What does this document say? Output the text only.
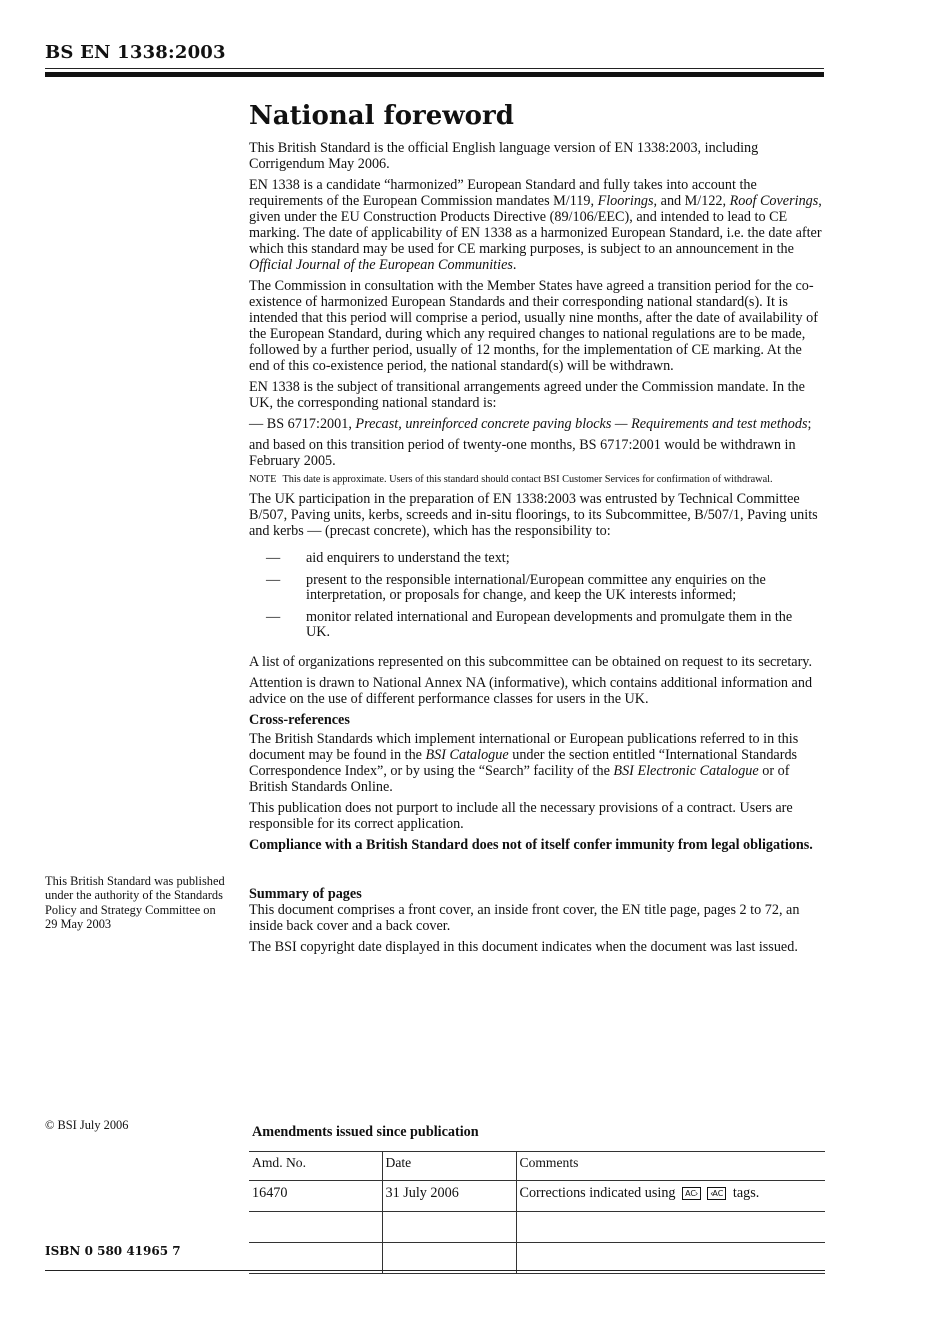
BS EN 1338:2003
National foreword

This British Standard is the official English language version of EN 1338:2003, including Corrigendum May 2006.

EN 1338 is a candidate “harmonized” European Standard and fully takes into account the requirements of the European Commission mandates M/119, Floorings, and M/122, Roof Coverings, given under the EU Construction Products Directive (89/106/EEC), and intended to lead to CE marking. The date of applicability of EN 1338 as a harmonized European Standard, i.e. the date after which this standard may be used for CE marking purposes, is subject to an announcement in the Official Journal of the European Communities.

The Commission in consultation with the Member States have agreed a transition period for the co-existence of harmonized European Standards and their corresponding national standard(s). It is intended that this period will comprise a period, usually nine months, after the date of availability of the European Standard, during which any required changes to national regulations are to be made, followed by a further period, usually of 12 months, for the implementation of CE marking. At the end of this co-existence period, the national standard(s) will be withdrawn.

EN 1338 is the subject of transitional arrangements agreed under the Commission mandate. In the UK, the corresponding national standard is:

— BS 6717:2001, Precast, unreinforced concrete paving blocks — Requirements and test methods;

and based on this transition period of twenty-one months, BS 6717:2001 would be withdrawn in February 2005.

NOTE This date is approximate. Users of this standard should contact BSI Customer Services for confirmation of withdrawal.

The UK participation in the preparation of EN 1338:2003 was entrusted by Technical Committee B/507, Paving units, kerbs, screeds and in-situ floorings, to its Subcommittee, B/507/1, Paving units and kerbs — (precast concrete), which has the responsibility to:

—	aid enquirers to understand the text;
—	present to the responsible international/European committee any enquiries on the interpretation, or proposals for change, and keep the UK interests informed;
—	monitor related international and European developments and promulgate them in the UK.

A list of organizations represented on this subcommittee can be obtained on request to its secretary.

Attention is drawn to National Annex NA (informative), which contains additional information and advice on the use of different performance classes for users in the UK.

Cross-references

The British Standards which implement international or European publications referred to in this document may be found in the BSI Catalogue under the section entitled “International Standards Correspondence Index”, or by using the “Search” facility of the BSI Electronic Catalogue or of British Standards Online.

This publication does not purport to include all the necessary provisions of a contract. Users are responsible for its correct application.

Compliance with a British Standard does not of itself confer immunity from legal obligations.

Summary of pages

This document comprises a front cover, an inside front cover, the EN title page, pages 2 to 72, an inside back cover and a back cover.

The BSI copyright date displayed in this document indicates when the document was last issued.

This British Standard was published under the authority of the Standards Policy and Strategy Committee on 29 May 2003
© BSI July 2006
ISBN 0 580 41965 7
Amendments issued since publication
Amd. No.	Date	Comments
16470	31 July 2006	Corrections indicated using AC › ‹ AC tags.
